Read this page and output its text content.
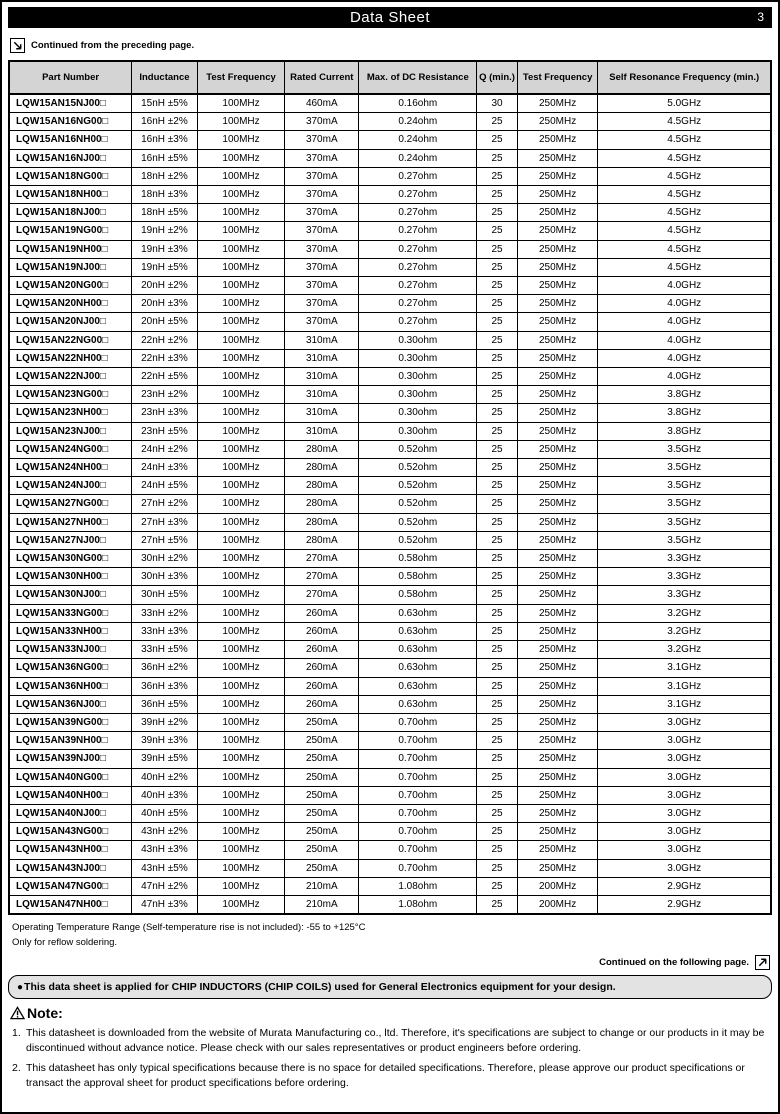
Data Sheet	3
Continued from the preceding page.
Part Number	Inductance	Test Frequency	Rated Current	Max. of DC Resistance	Q (min.)	Test Frequency	Self Resonance Frequency (min.)
LQW15AN15NJ00□	15nH ±5%	100MHz	460mA	0.16ohm	30	250MHz	5.0GHz
LQW15AN16NG00□	16nH ±2%	100MHz	370mA	0.24ohm	25	250MHz	4.5GHz
LQW15AN16NH00□	16nH ±3%	100MHz	370mA	0.24ohm	25	250MHz	4.5GHz
LQW15AN16NJ00□	16nH ±5%	100MHz	370mA	0.24ohm	25	250MHz	4.5GHz
LQW15AN18NG00□	18nH ±2%	100MHz	370mA	0.27ohm	25	250MHz	4.5GHz
LQW15AN18NH00□	18nH ±3%	100MHz	370mA	0.27ohm	25	250MHz	4.5GHz
LQW15AN18NJ00□	18nH ±5%	100MHz	370mA	0.27ohm	25	250MHz	4.5GHz
LQW15AN19NG00□	19nH ±2%	100MHz	370mA	0.27ohm	25	250MHz	4.5GHz
LQW15AN19NH00□	19nH ±3%	100MHz	370mA	0.27ohm	25	250MHz	4.5GHz
LQW15AN19NJ00□	19nH ±5%	100MHz	370mA	0.27ohm	25	250MHz	4.5GHz
LQW15AN20NG00□	20nH ±2%	100MHz	370mA	0.27ohm	25	250MHz	4.0GHz
LQW15AN20NH00□	20nH ±3%	100MHz	370mA	0.27ohm	25	250MHz	4.0GHz
LQW15AN20NJ00□	20nH ±5%	100MHz	370mA	0.27ohm	25	250MHz	4.0GHz
LQW15AN22NG00□	22nH ±2%	100MHz	310mA	0.30ohm	25	250MHz	4.0GHz
LQW15AN22NH00□	22nH ±3%	100MHz	310mA	0.30ohm	25	250MHz	4.0GHz
LQW15AN22NJ00□	22nH ±5%	100MHz	310mA	0.30ohm	25	250MHz	4.0GHz
LQW15AN23NG00□	23nH ±2%	100MHz	310mA	0.30ohm	25	250MHz	3.8GHz
LQW15AN23NH00□	23nH ±3%	100MHz	310mA	0.30ohm	25	250MHz	3.8GHz
LQW15AN23NJ00□	23nH ±5%	100MHz	310mA	0.30ohm	25	250MHz	3.8GHz
LQW15AN24NG00□	24nH ±2%	100MHz	280mA	0.52ohm	25	250MHz	3.5GHz
LQW15AN24NH00□	24nH ±3%	100MHz	280mA	0.52ohm	25	250MHz	3.5GHz
LQW15AN24NJ00□	24nH ±5%	100MHz	280mA	0.52ohm	25	250MHz	3.5GHz
LQW15AN27NG00□	27nH ±2%	100MHz	280mA	0.52ohm	25	250MHz	3.5GHz
LQW15AN27NH00□	27nH ±3%	100MHz	280mA	0.52ohm	25	250MHz	3.5GHz
LQW15AN27NJ00□	27nH ±5%	100MHz	280mA	0.52ohm	25	250MHz	3.5GHz
LQW15AN30NG00□	30nH ±2%	100MHz	270mA	0.58ohm	25	250MHz	3.3GHz
LQW15AN30NH00□	30nH ±3%	100MHz	270mA	0.58ohm	25	250MHz	3.3GHz
LQW15AN30NJ00□	30nH ±5%	100MHz	270mA	0.58ohm	25	250MHz	3.3GHz
LQW15AN33NG00□	33nH ±2%	100MHz	260mA	0.63ohm	25	250MHz	3.2GHz
LQW15AN33NH00□	33nH ±3%	100MHz	260mA	0.63ohm	25	250MHz	3.2GHz
LQW15AN33NJ00□	33nH ±5%	100MHz	260mA	0.63ohm	25	250MHz	3.2GHz
LQW15AN36NG00□	36nH ±2%	100MHz	260mA	0.63ohm	25	250MHz	3.1GHz
LQW15AN36NH00□	36nH ±3%	100MHz	260mA	0.63ohm	25	250MHz	3.1GHz
LQW15AN36NJ00□	36nH ±5%	100MHz	260mA	0.63ohm	25	250MHz	3.1GHz
LQW15AN39NG00□	39nH ±2%	100MHz	250mA	0.70ohm	25	250MHz	3.0GHz
LQW15AN39NH00□	39nH ±3%	100MHz	250mA	0.70ohm	25	250MHz	3.0GHz
LQW15AN39NJ00□	39nH ±5%	100MHz	250mA	0.70ohm	25	250MHz	3.0GHz
LQW15AN40NG00□	40nH ±2%	100MHz	250mA	0.70ohm	25	250MHz	3.0GHz
LQW15AN40NH00□	40nH ±3%	100MHz	250mA	0.70ohm	25	250MHz	3.0GHz
LQW15AN40NJ00□	40nH ±5%	100MHz	250mA	0.70ohm	25	250MHz	3.0GHz
LQW15AN43NG00□	43nH ±2%	100MHz	250mA	0.70ohm	25	250MHz	3.0GHz
LQW15AN43NH00□	43nH ±3%	100MHz	250mA	0.70ohm	25	250MHz	3.0GHz
LQW15AN43NJ00□	43nH ±5%	100MHz	250mA	0.70ohm	25	250MHz	3.0GHz
LQW15AN47NG00□	47nH ±2%	100MHz	210mA	1.08ohm	25	200MHz	2.9GHz
LQW15AN47NH00□	47nH ±3%	100MHz	210mA	1.08ohm	25	200MHz	2.9GHz
Operating Temperature Range (Self-temperature rise is not included): -55 to +125°C
Only for reflow soldering.
Continued on the following page.
● This data sheet is applied for CHIP INDUCTORS (CHIP COILS) used for General Electronics equipment for your design.
Note:
1. This datasheet is downloaded from the website of Murata Manufacturing co., ltd. Therefore, it's specifications are subject to change or our products in it may be discontinued without advance notice. Please check with our sales representatives or product engineers before ordering.
2. This datasheet has only typical specifications because there is no space for detailed specifications. Therefore, please approve our product specifications or transact the approval sheet for product specifications before ordering.
